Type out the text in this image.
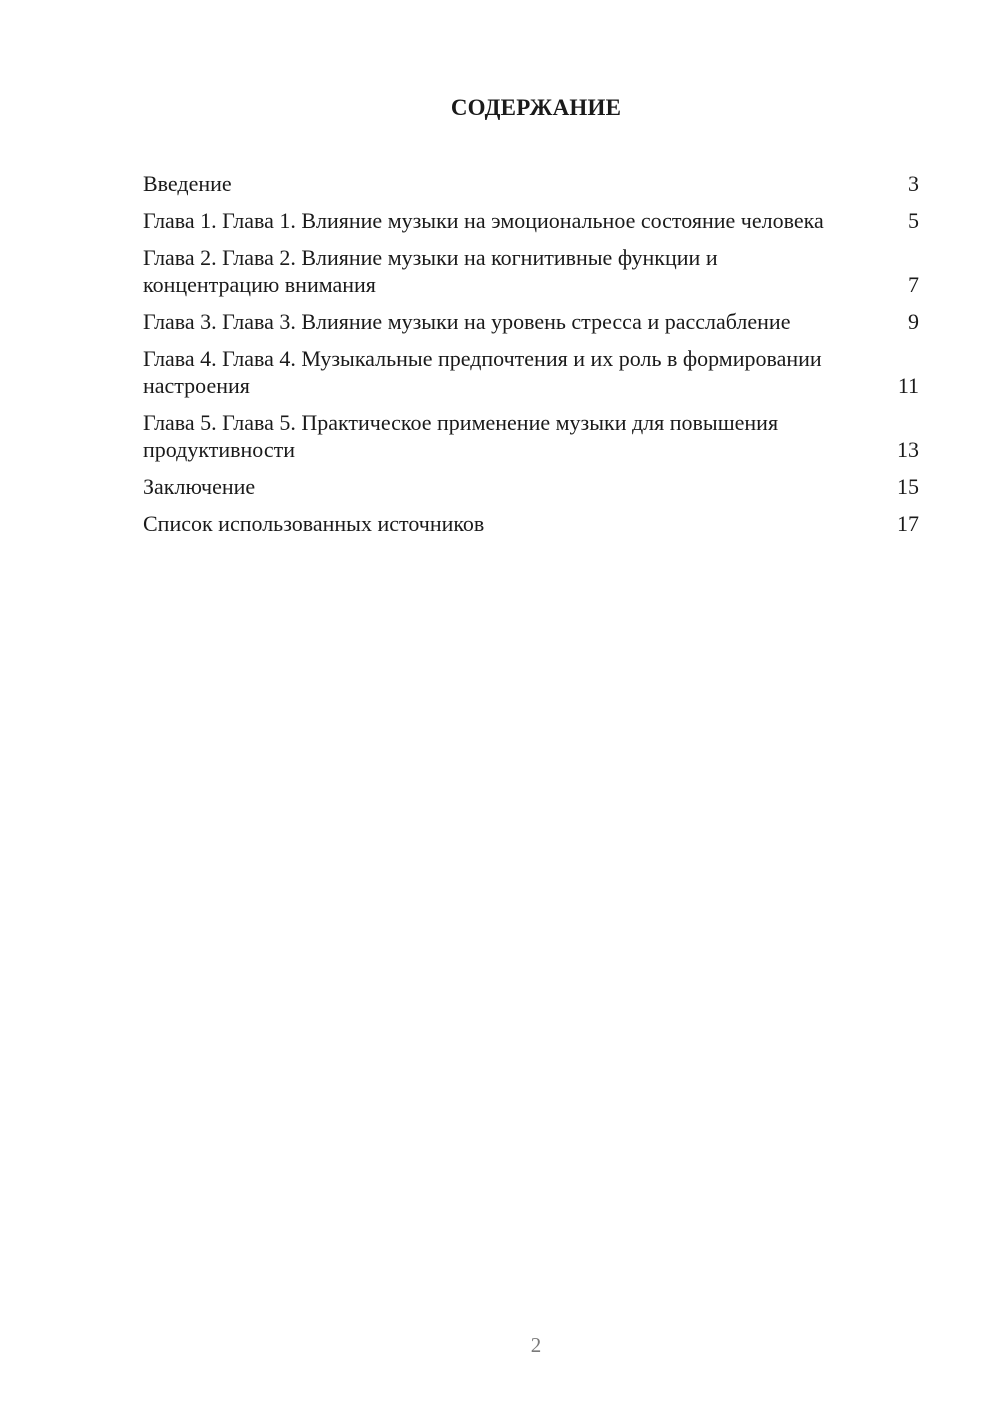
СОДЕРЖАНИЕ
Введение	3
Глава 1. Глава 1. Влияние музыки на эмоциональное состояние человека	5
Глава 2. Глава 2. Влияние музыки на когнитивные функции и концентрацию внимания	7
Глава 3. Глава 3. Влияние музыки на уровень стресса и расслабление	9
Глава 4. Глава 4. Музыкальные предпочтения и их роль в формировании настроения	11
Глава 5. Глава 5. Практическое применение музыки для повышения продуктивности	13
Заключение	15
Список использованных источников	17
2
